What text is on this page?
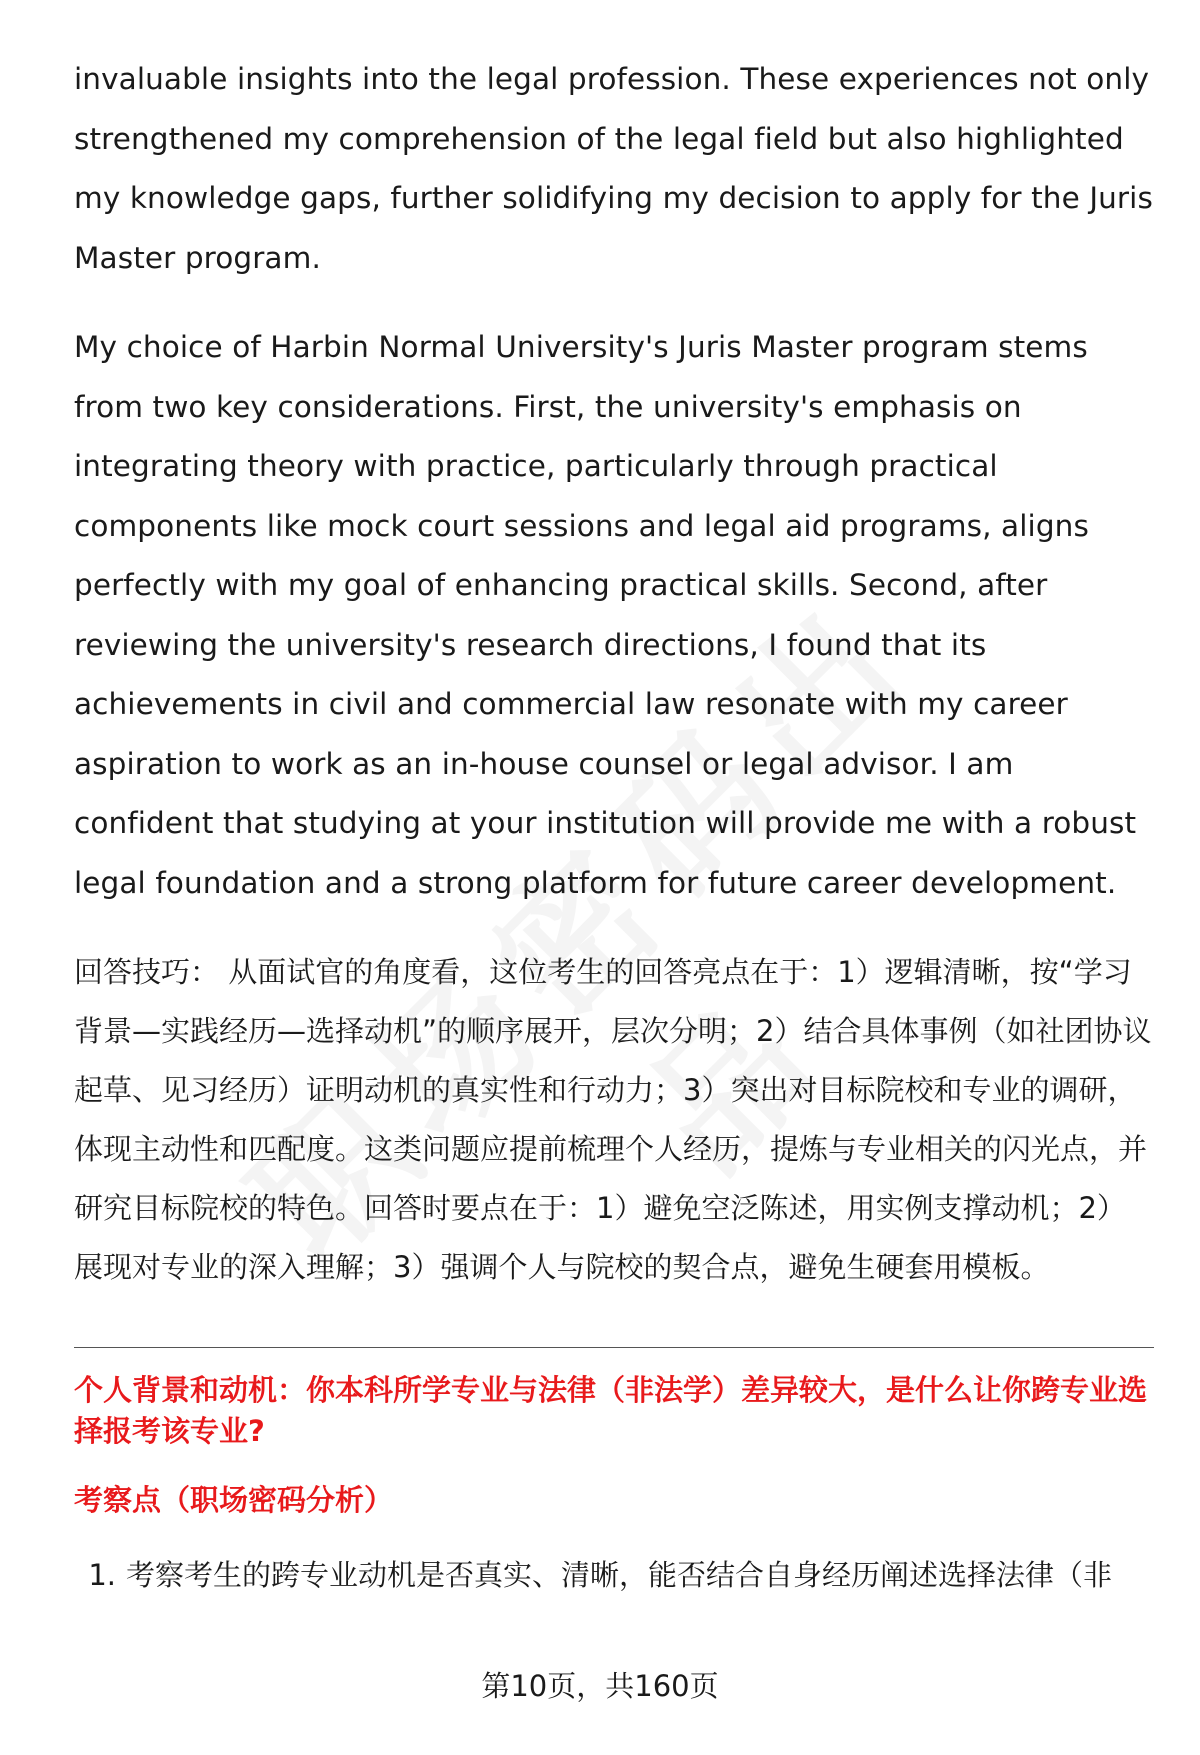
invaluable insights into the legal profession. These experiences not only strengthened my comprehension of the legal field but also highlighted my knowledge gaps, further solidifying my decision to apply for the Juris Master program.

My choice of Harbin Normal University's Juris Master program stems from two key considerations. First, the university's emphasis on integrating theory with practice, particularly through practical components like mock court sessions and legal aid programs, aligns perfectly with my goal of enhancing practical skills. Second, after reviewing the university's research directions, I found that its achievements in civil and commercial law resonate with my career aspiration to work as an in-house counsel or legal advisor. I am confident that studying at your institution will provide me with a robust legal foundation and a strong platform for future career development.

回答技巧： 从面试官的角度看，这位考生的回答亮点在于：1）逻辑清晰，按“学习背景—实践经历—选择动机”的顺序展开，层次分明；2）结合具体事例（如社团协议起草、见习经历）证明动机的真实性和行动力；3）突出对目标院校和专业的调研，体现主动性和匹配度。这类问题应提前梳理个人经历，提炼与专业相关的闪光点，并研究目标院校的特色。回答时要点在于：1）避免空泛陈述，用实例支撑动机；2）展现对专业的深入理解；3）强调个人与院校的契合点，避免生硬套用模板。

个人背景和动机：你本科所学专业与法律（非法学）差异较大，是什么让你跨专业选择报考该专业?
考察点（职场密码分析）
1. 考察考生的跨专业动机是否真实、清晰，能否结合自身经历阐述选择法律（非
第10页，共160页
